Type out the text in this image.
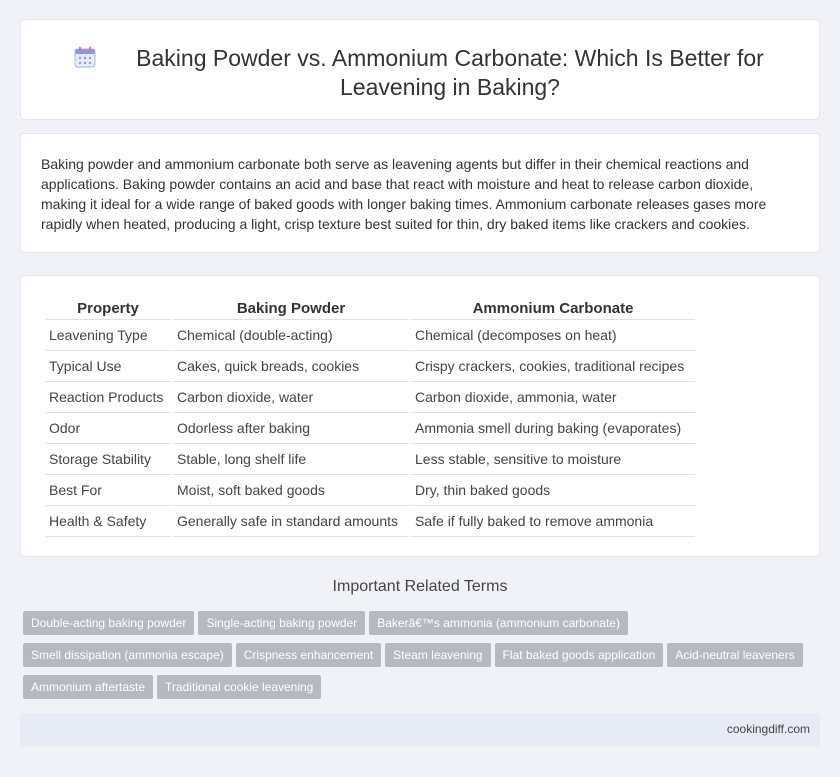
Baking Powder vs. Ammonium Carbonate: Which Is Better for Leavening in Baking?

Baking powder and ammonium carbonate both serve as leavening agents but differ in their chemical reactions and applications. Baking powder contains an acid and base that react with moisture and heat to release carbon dioxide, making it ideal for a wide range of baked goods with longer baking times. Ammonium carbonate releases gases more rapidly when heated, producing a light, crisp texture best suited for thin, dry baked items like crackers and cookies.

Property	Baking Powder	Ammonium Carbonate
Leavening Type	Chemical (double-acting)	Chemical (decomposes on heat)
Typical Use	Cakes, quick breads, cookies	Crispy crackers, cookies, traditional recipes
Reaction Products	Carbon dioxide, water	Carbon dioxide, ammonia, water
Odor	Odorless after baking	Ammonia smell during baking (evaporates)
Storage Stability	Stable, long shelf life	Less stable, sensitive to moisture
Best For	Moist, soft baked goods	Dry, thin baked goods
Health & Safety	Generally safe in standard amounts	Safe if fully baked to remove ammonia
Important Related Terms
Double-acting baking powder Single-acting baking powder Bakerâ€™s ammonia (ammonium carbonate)
Smell dissipation (ammonia escape) Crispness enhancement Steam leavening Flat baked goods application Acid-neutral leaveners
Ammonium aftertaste Traditional cookie leavening
cookingdiff.com
